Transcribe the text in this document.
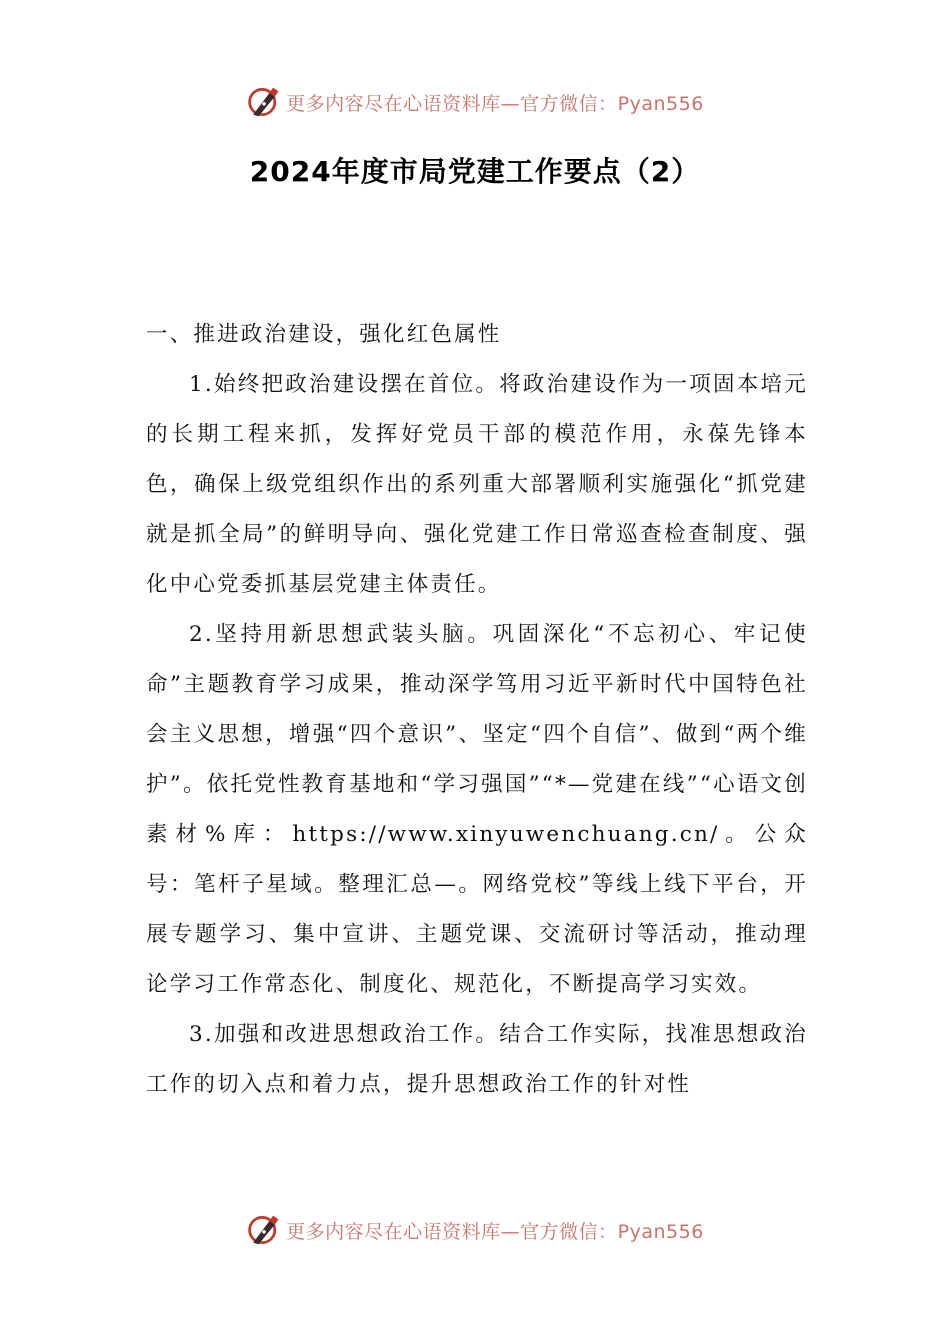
更多内容尽在心语资料库—官方微信：Pyan556
2024年度市局党建工作要点（2）

一、推进政治建设，强化红色属性

1.始终把政治建设摆在首位。将政治建设作为一项固本培元的长期工程来抓，发挥好党员干部的模范作用，永葆先锋本色，确保上级党组织作出的系列重大部署顺利实施强化“抓党建就是抓全局”的鲜明导向、强化党建工作日常巡查检查制度、强化中心党委抓基层党建主体责任。

2.坚持用新思想武装头脑。巩固深化“不忘初心、牢记使命”主题教育学习成果，推动深学笃用习近平新时代中国特色社会主义思想，增强“四个意识”、坚定“四个自信”、做到“两个维护”。依托党性教育基地和“学习强国”“*—党建在线”“心语文创素材%库：https://www.xinyuwenchuang.cn/。公众号：笔杆子星域。整理汇总—。网络党校”等线上线下平台，开展专题学习、集中宣讲、主题党课、交流研讨等活动，推动理论学习工作常态化、制度化、规范化，不断提高学习实效。

3.加强和改进思想政治工作。结合工作实际，找准思想政治工作的切入点和着力点，提升思想政治工作的针对性

更多内容尽在心语资料库—官方微信：Pyan556
